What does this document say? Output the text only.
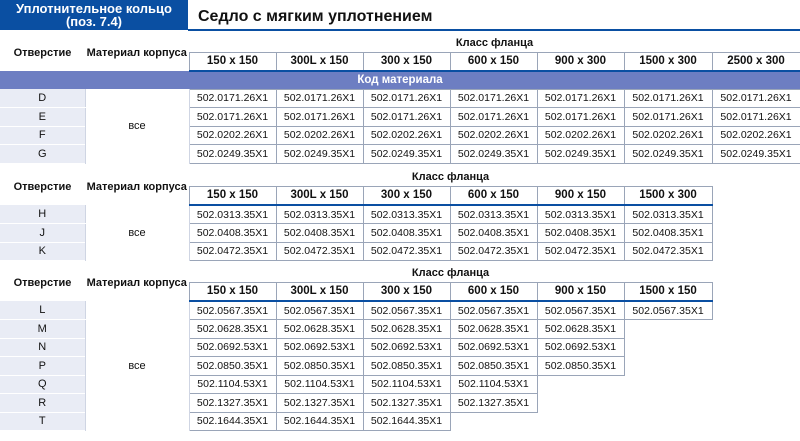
Уплотнительное кольцо (поз. 7.4)	Седло с мягким уплотнением
Отверстие	Материал корпуса	Класс фланца						
		150 x 150	300L x 150	300 x 150	600 x 150	900 x 300	1500 x 300	2500 x 300
Код материала								
D	все	502.0171.26X1	502.0171.26X1	502.0171.26X1	502.0171.26X1	502.0171.26X1	502.0171.26X1	502.0171.26X1
E		502.0171.26X1	502.0171.26X1	502.0171.26X1	502.0171.26X1	502.0171.26X1	502.0171.26X1	502.0171.26X1
F		502.0202.26X1	502.0202.26X1	502.0202.26X1	502.0202.26X1	502.0202.26X1	502.0202.26X1	502.0202.26X1
G		502.0249.35X1	502.0249.35X1	502.0249.35X1	502.0249.35X1	502.0249.35X1	502.0249.35X1	502.0249.35X1
Отверстие	Материал корпуса	Класс фланца						
		150 x 150	300L x 150	300 x 150	600 x 150	900 x 150	1500 x 300	
H	все	502.0313.35X1	502.0313.35X1	502.0313.35X1	502.0313.35X1	502.0313.35X1	502.0313.35X1	
J		502.0408.35X1	502.0408.35X1	502.0408.35X1	502.0408.35X1	502.0408.35X1	502.0408.35X1	
K		502.0472.35X1	502.0472.35X1	502.0472.35X1	502.0472.35X1	502.0472.35X1	502.0472.35X1	
Отверстие	Материал корпуса	Класс фланца						
		150 x 150	300L x 150	300 x 150	600 x 150	900 x 150	1500 x 150	
L	все	502.0567.35X1	502.0567.35X1	502.0567.35X1	502.0567.35X1	502.0567.35X1	502.0567.35X1	
M		502.0628.35X1	502.0628.35X1	502.0628.35X1	502.0628.35X1	502.0628.35X1		
N		502.0692.53X1	502.0692.53X1	502.0692.53X1	502.0692.53X1	502.0692.53X1		
P		502.0850.35X1	502.0850.35X1	502.0850.35X1	502.0850.35X1	502.0850.35X1		
Q		502.1104.53X1	502.1104.53X1	502.1104.53X1	502.1104.53X1			
R		502.1327.35X1	502.1327.35X1	502.1327.35X1	502.1327.35X1			
T		502.1644.35X1	502.1644.35X1	502.1644.35X1				
